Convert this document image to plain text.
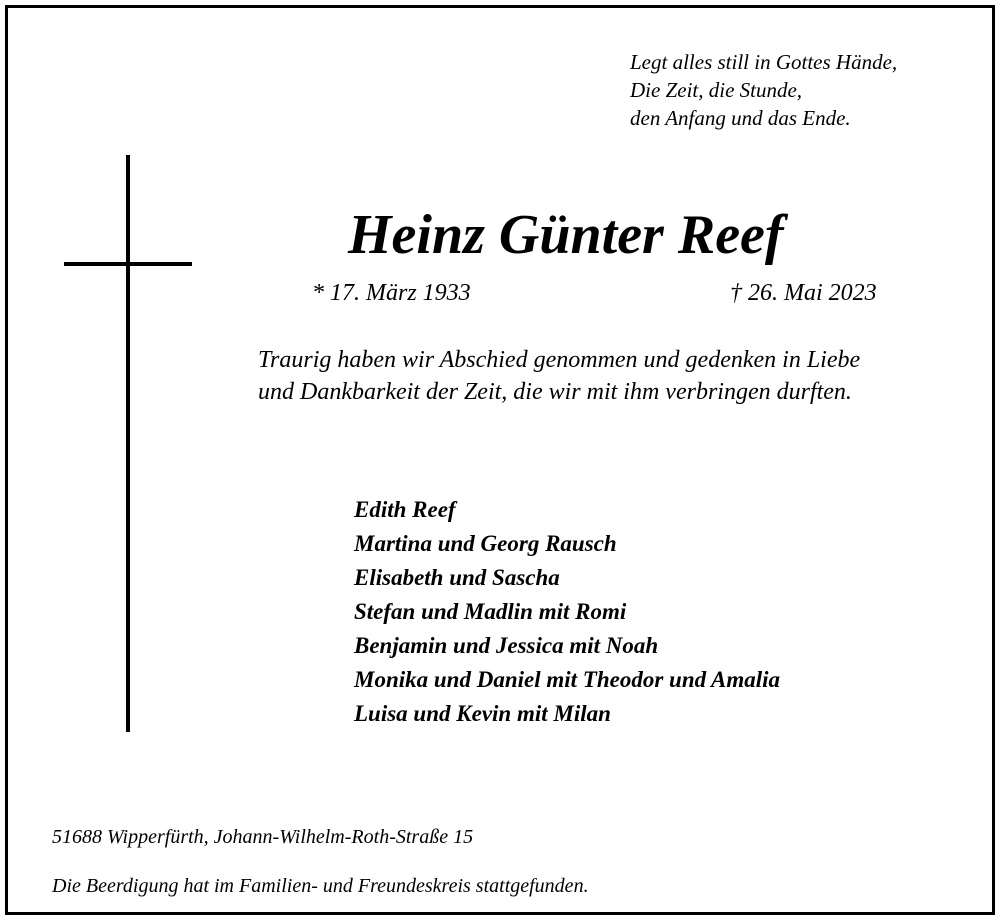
Legt alles still in Gottes Hände,
Die Zeit, die Stunde,
den Anfang und das Ende.
Heinz Günter Reef
* 17. März 1933	† 26. Mai 2023
Traurig haben wir Abschied genommen und gedenken in Liebe
und Dankbarkeit der Zeit, die wir mit ihm verbringen durften.
Edith Reef
Martina und Georg Rausch
Elisabeth und Sascha
Stefan und Madlin mit Romi
Benjamin und Jessica mit Noah
Monika und Daniel mit Theodor und Amalia
Luisa und Kevin mit Milan
51688 Wipperfürth, Johann-Wilhelm-Roth-Straße 15
Die Beerdigung hat im Familien- und Freundeskreis stattgefunden.
